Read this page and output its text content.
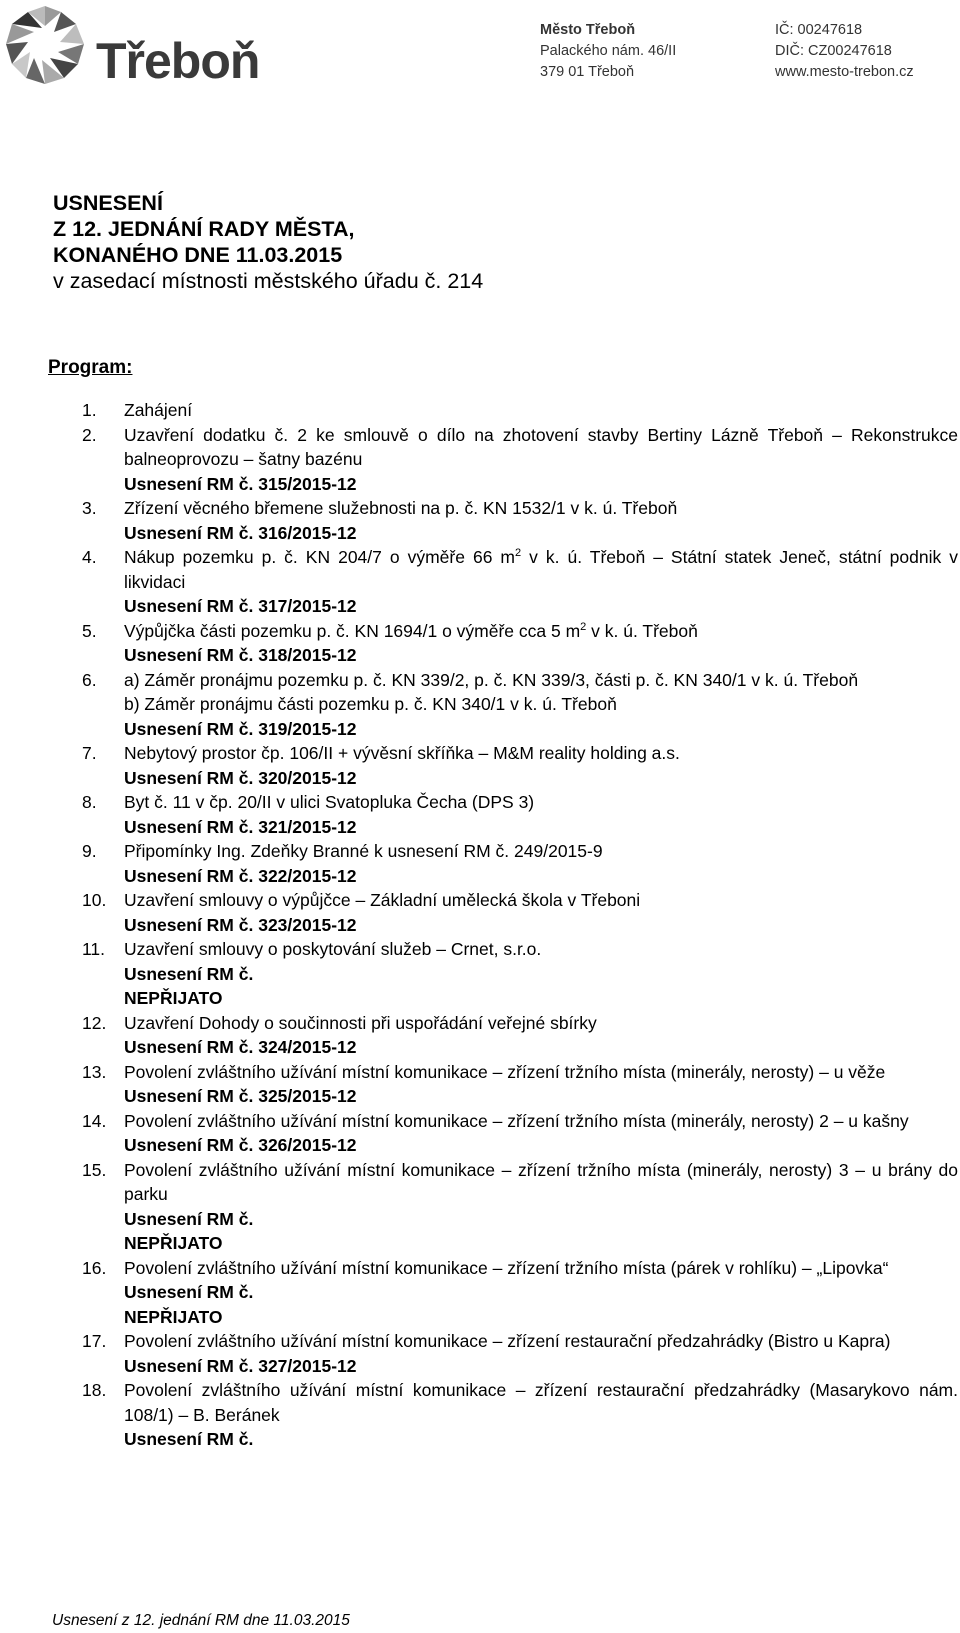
Třeboň
Město Třeboň
Palackého nám. 46/II
379 01 Třeboň
IČ: 00247618
DIČ: CZ00247618
www.mesto-trebon.cz
USNESENÍ
Z 12. JEDNÁNÍ RADY MĚSTA,
KONANÉHO DNE 11.03.2015
v zasedací místnosti městského úřadu č. 214
Program:
1. Zahájení
2. Uzavření dodatku č. 2 ke smlouvě o dílo na zhotovení stavby Bertiny Lázně Třeboň – Rekonstrukce balneoprovozu – šatny bazénu
Usnesení RM č. 315/2015-12
3. Zřízení věcného břemene služebnosti na p. č. KN 1532/1 v k. ú. Třeboň
Usnesení RM č. 316/2015-12
4. Nákup pozemku p. č. KN 204/7 o výměře 66 $m^2$ v k. ú. Třeboň – Státní statek Jeneč, státní podnik v likvidaci
Usnesení RM č. 317/2015-12
5. Výpůjčka části pozemku p. č. KN 1694/1 o výměře cca 5 $m^2$ v k. ú. Třeboň
Usnesení RM č. 318/2015-12
6. a) Záměr pronájmu pozemku p. č. KN 339/2, p. č. KN 339/3, části p. č. KN 340/1 v k. ú. Třeboň
b) Záměr pronájmu části pozemku p. č. KN 340/1 v k. ú. Třeboň
Usnesení RM č. 319/2015-12
7. Nebytový prostor čp. 106/II + vývěsní skříňka – M&M reality holding a.s.
Usnesení RM č. 320/2015-12
8. Byt č. 11 v čp. 20/II v ulici Svatopluka Čecha (DPS 3)
Usnesení RM č. 321/2015-12
9. Připomínky Ing. Zdeňky Branné k usnesení RM č. 249/2015-9
Usnesení RM č. 322/2015-12
10. Uzavření smlouvy o výpůjčce – Základní umělecká škola v Třeboni
Usnesení RM č. 323/2015-12
11. Uzavření smlouvy o poskytování služeb – Crnet, s.r.o.
Usnesení RM č.
NEPŘIJATO
12. Uzavření Dohody o součinnosti při uspořádání veřejné sbírky
Usnesení RM č. 324/2015-12
13. Povolení zvláštního užívání místní komunikace – zřízení tržního místa (minerály, nerosty) – u věže
Usnesení RM č. 325/2015-12
14. Povolení zvláštního užívání místní komunikace – zřízení tržního místa (minerály, nerosty) 2 – u kašny
Usnesení RM č. 326/2015-12
15. Povolení zvláštního užívání místní komunikace – zřízení tržního místa (minerály, nerosty) 3 – u brány do parku
Usnesení RM č.
NEPŘIJATO
16. Povolení zvláštního užívání místní komunikace – zřízení tržního místa (párek v rohlíku) – „Lipovka“
Usnesení RM č.
NEPŘIJATO
17. Povolení zvláštního užívání místní komunikace – zřízení restaurační předzahrádky (Bistro u Kapra)
Usnesení RM č. 327/2015-12
18. Povolení zvláštního užívání místní komunikace – zřízení restaurační předzahrádky (Masarykovo nám. 108/1) – B. Beránek
Usnesení RM č.
Usnesení z 12. jednání RM dne 11.03.2015
